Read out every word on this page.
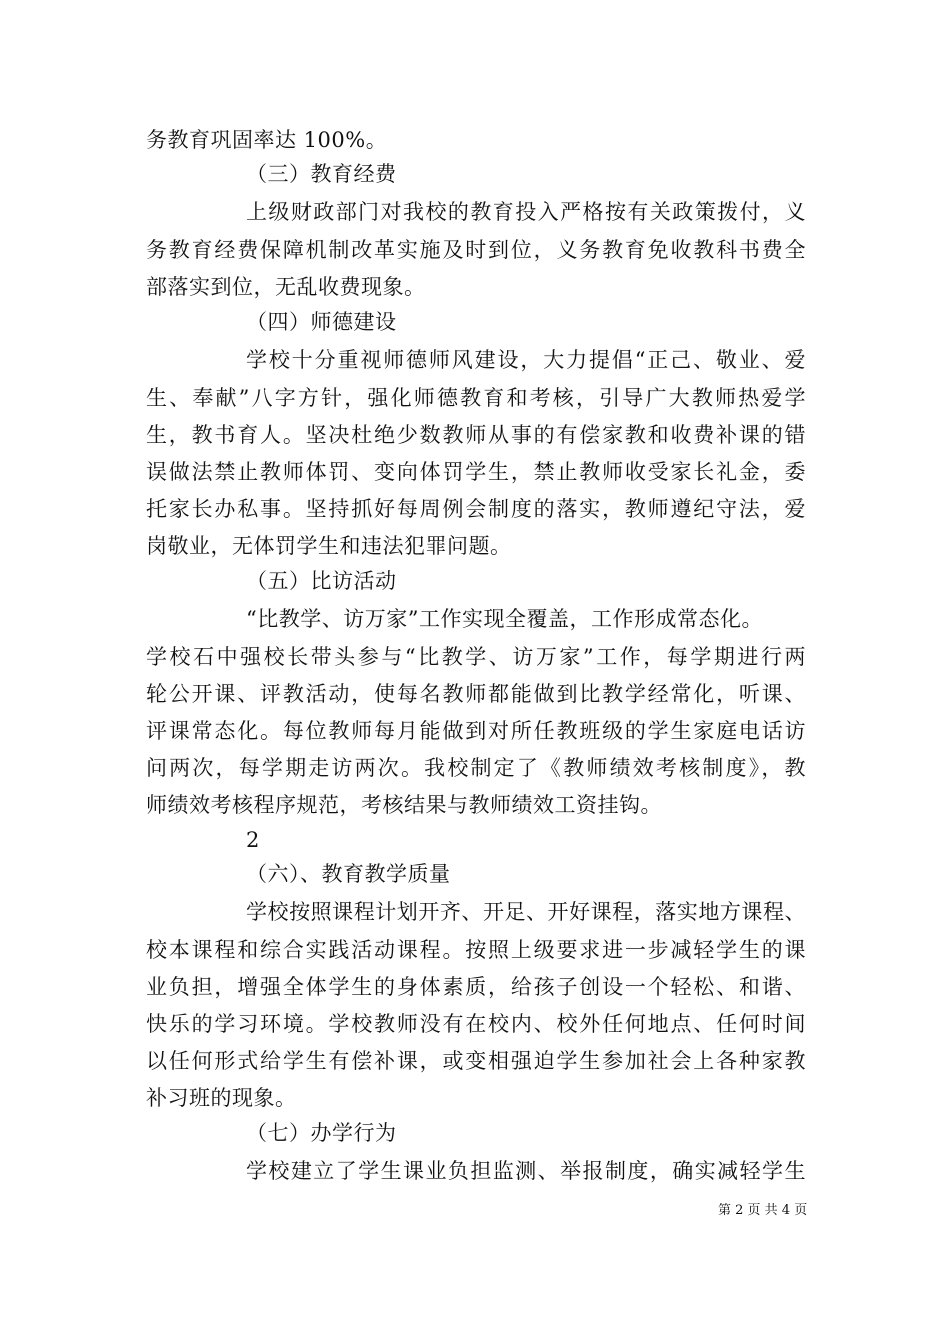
务教育巩固率达 100%。
（三）教育经费
上级财政部门对我校的教育投入严格按有关政策拨付，义
务教育经费保障机制改革实施及时到位，义务教育免收教科书费全
部落实到位，无乱收费现象。
（四）师德建设
学校十分重视师德师风建设，大力提倡“正己、敬业、爱
生、奉献”八字方针，强化师德教育和考核，引导广大教师热爱学
生，教书育人。坚决杜绝少数教师从事的有偿家教和收费补课的错
误做法禁止教师体罚、变向体罚学生，禁止教师收受家长礼金，委
托家长办私事。坚持抓好每周例会制度的落实，教师遵纪守法，爱
岗敬业，无体罚学生和违法犯罪问题。
（五）比访活动
“比教学、访万家”工作实现全覆盖，工作形成常态化。
学校石中强校长带头参与“比教学、访万家”工作，每学期进行两
轮公开课、评教活动，使每名教师都能做到比教学经常化，听课、
评课常态化。每位教师每月能做到对所任教班级的学生家庭电话访
问两次，每学期走访两次。我校制定了《教师绩效考核制度》，教
师绩效考核程序规范，考核结果与教师绩效工资挂钩。
2
（六）、教育教学质量
学校按照课程计划开齐、开足、开好课程，落实地方课程、
校本课程和综合实践活动课程。按照上级要求进一步减轻学生的课
业负担，增强全体学生的身体素质，给孩子创设一个轻松、和谐、
快乐的学习环境。学校教师没有在校内、校外任何地点、任何时间
以任何形式给学生有偿补课，或变相强迫学生参加社会上各种家教
补习班的现象。
（七）办学行为
学校建立了学生课业负担监测、举报制度，确实减轻学生
第 2 页 共 4 页
